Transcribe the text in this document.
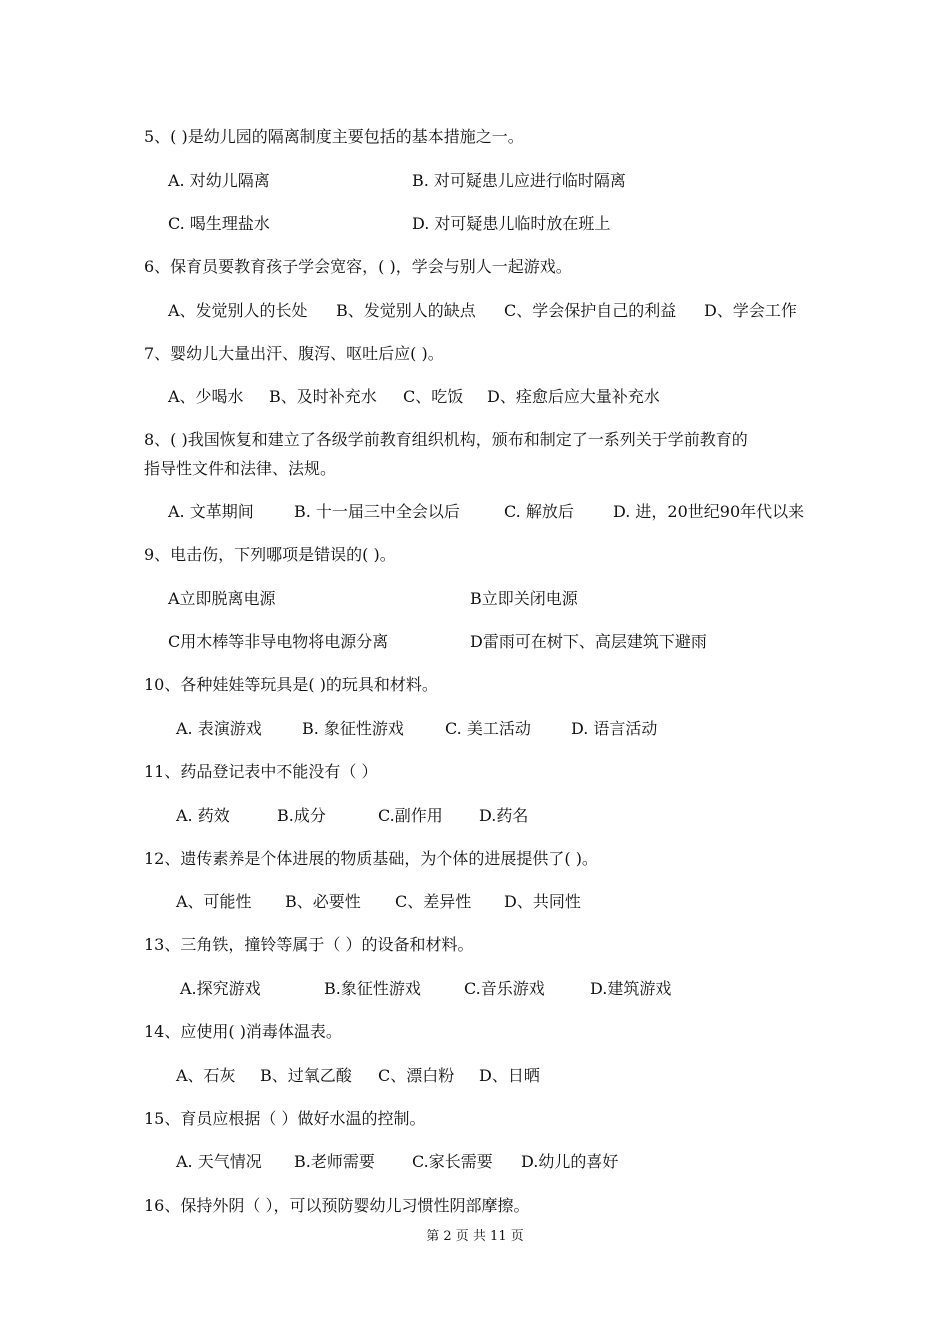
5、( )是幼儿园的隔离制度主要包括的基本措施之一。
A. 对幼儿隔离	B. 对可疑患儿应进行临时隔离
C. 喝生理盐水	D. 对可疑患儿临时放在班上
6、保育员要教育孩子学会宽容，( )，学会与别人一起游戏。
A、发觉别人的长处 B、发觉别人的缺点 C、学会保护自己的利益 D、学会工作
7、婴幼儿大量出汗、腹泻、呕吐后应( )。
A、少喝水 B、及时补充水 C、吃饭 D、痊愈后应大量补充水
8、( )我国恢复和建立了各级学前教育组织机构，颁布和制定了一系列关于学前教育的
指导性文件和法律、法规。
A. 文革期间	B. 十一届三中全会以后	C. 解放后 D. 进，20世纪90年代以来
9、电击伤，下列哪项是错误的( )。
A立即脱离电源	B立即关闭电源
C用木棒等非导电物将电源分离	D雷雨可在树下、高层建筑下避雨
10、各种娃娃等玩具是( )的玩具和材料。
A. 表演游戏	B. 象征性游戏	C. 美工活动	D. 语言活动
11、药品登记表中不能没有（ ）
A. 药效	B.成分	C.副作用 D.药名
12、遗传素养是个体进展的物质基础，为个体的进展提供了( )。
A、可能性 B、必要性 C、差异性 D、共同性
13、三角铁，撞铃等属于（ ）的设备和材料。
A.探究游戏	B.象征性游戏	C.音乐游戏	D.建筑游戏
14、应使用( )消毒体温表。
A、石灰 B、过氧乙酸 C、漂白粉 D、日晒
15、育员应根据（ ）做好水温的控制。
A. 天气情况 B.老师需要 C.家长需要 D.幼儿的喜好
16、保持外阴（ ），可以预防婴幼儿习惯性阴部摩擦。
第 2 页 共 11 页
